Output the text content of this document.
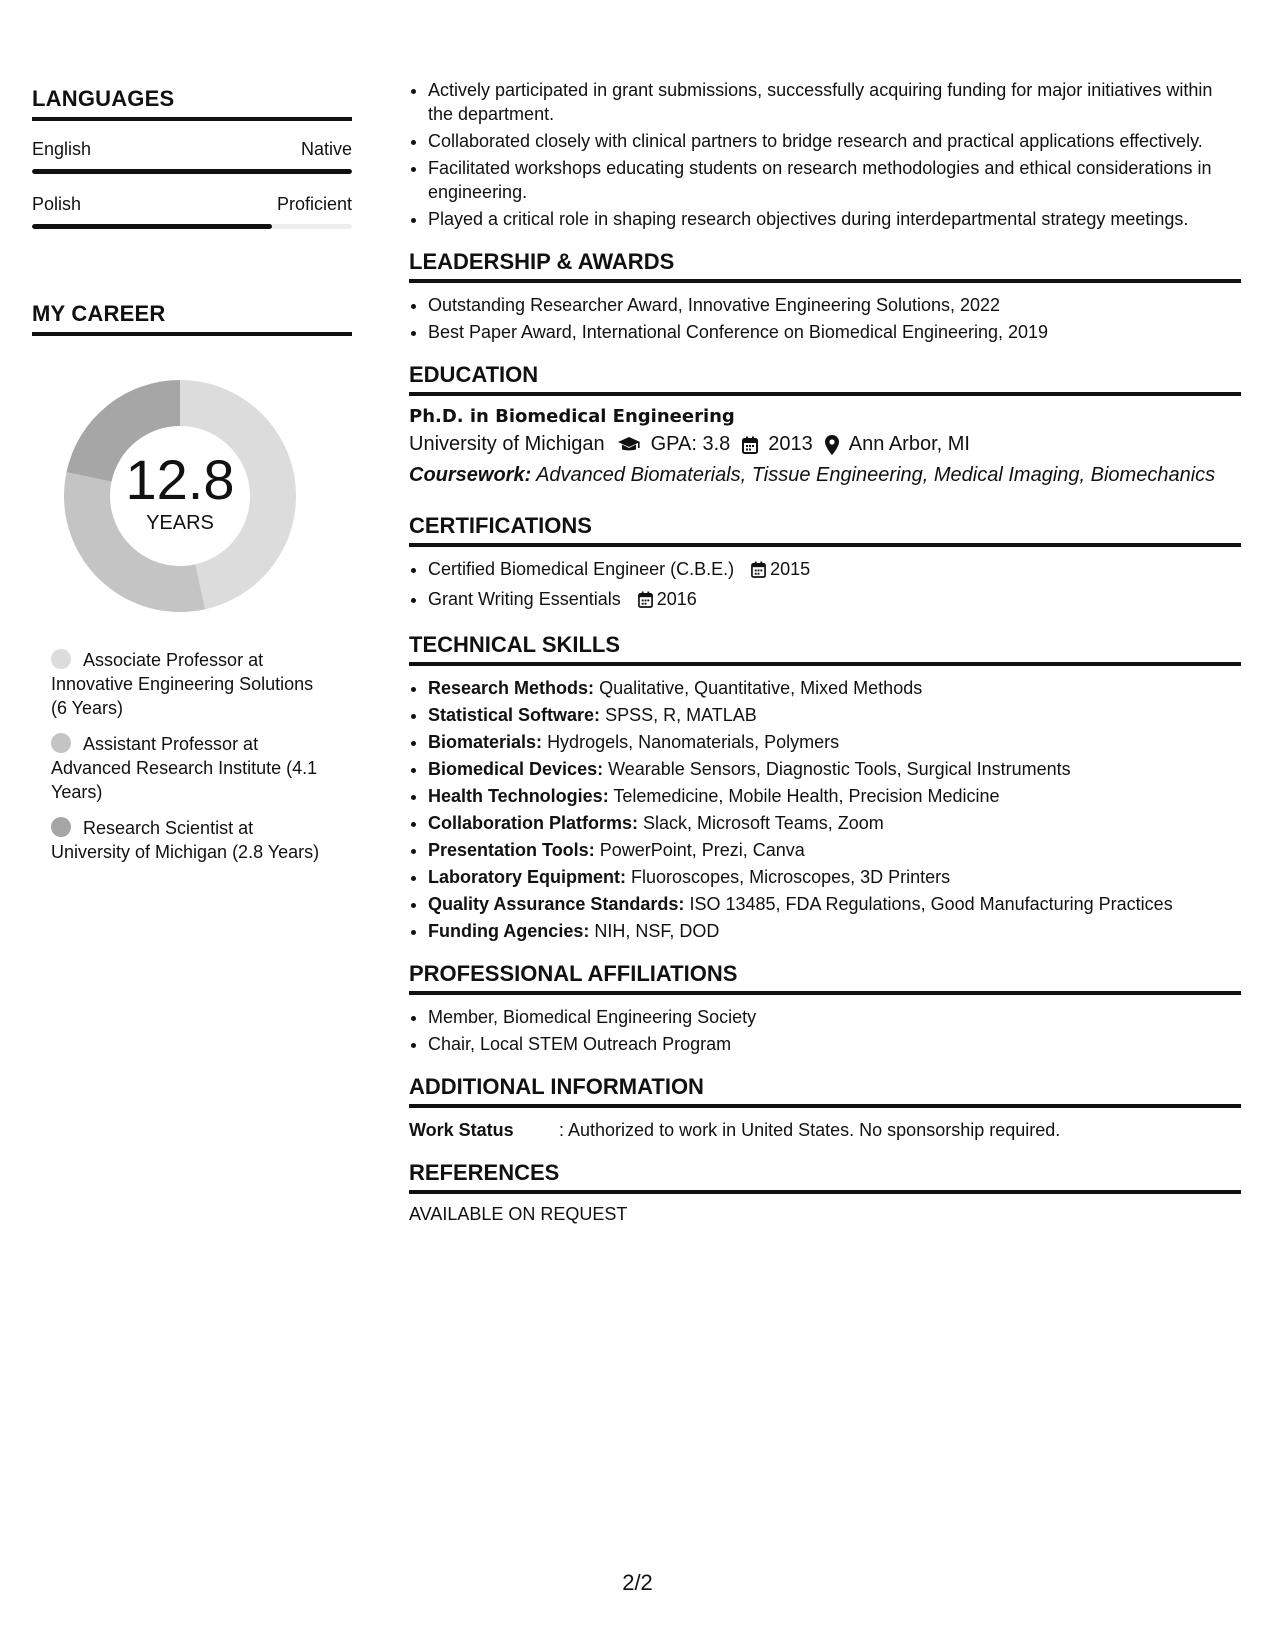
LANGUAGES
English	Native
Polish	Proficient
MY CAREER
12.8
YEARS
Associate Professor at Innovative Engineering Solutions (6 Years)
Assistant Professor at Advanced Research Institute (4.1 Years)
Research Scientist at University of Michigan (2.8 Years)
• Actively participated in grant submissions, successfully acquiring funding for major initiatives within the department.
• Collaborated closely with clinical partners to bridge research and practical applications effectively.
• Facilitated workshops educating students on research methodologies and ethical considerations in engineering.
• Played a critical role in shaping research objectives during interdepartmental strategy meetings.
LEADERSHIP & AWARDS
• Outstanding Researcher Award, Innovative Engineering Solutions, 2022
• Best Paper Award, International Conference on Biomedical Engineering, 2019
EDUCATION
Ph.D. in Biomedical Engineering
University of Michigan GPA: 3.8 2013 Ann Arbor, MI
Coursework: Advanced Biomaterials, Tissue Engineering, Medical Imaging, Biomechanics
CERTIFICATIONS
• Certified Biomedical Engineer (C.B.E.) 2015
• Grant Writing Essentials 2016
TECHNICAL SKILLS
• Research Methods: Qualitative, Quantitative, Mixed Methods
• Statistical Software: SPSS, R, MATLAB
• Biomaterials: Hydrogels, Nanomaterials, Polymers
• Biomedical Devices: Wearable Sensors, Diagnostic Tools, Surgical Instruments
• Health Technologies: Telemedicine, Mobile Health, Precision Medicine
• Collaboration Platforms: Slack, Microsoft Teams, Zoom
• Presentation Tools: PowerPoint, Prezi, Canva
• Laboratory Equipment: Fluoroscopes, Microscopes, 3D Printers
• Quality Assurance Standards: ISO 13485, FDA Regulations, Good Manufacturing Practices
• Funding Agencies: NIH, NSF, DOD
PROFESSIONAL AFFILIATIONS
• Member, Biomedical Engineering Society
• Chair, Local STEM Outreach Program
ADDITIONAL INFORMATION
Work Status	: Authorized to work in United States. No sponsorship required.
REFERENCES
AVAILABLE ON REQUEST
2/2
